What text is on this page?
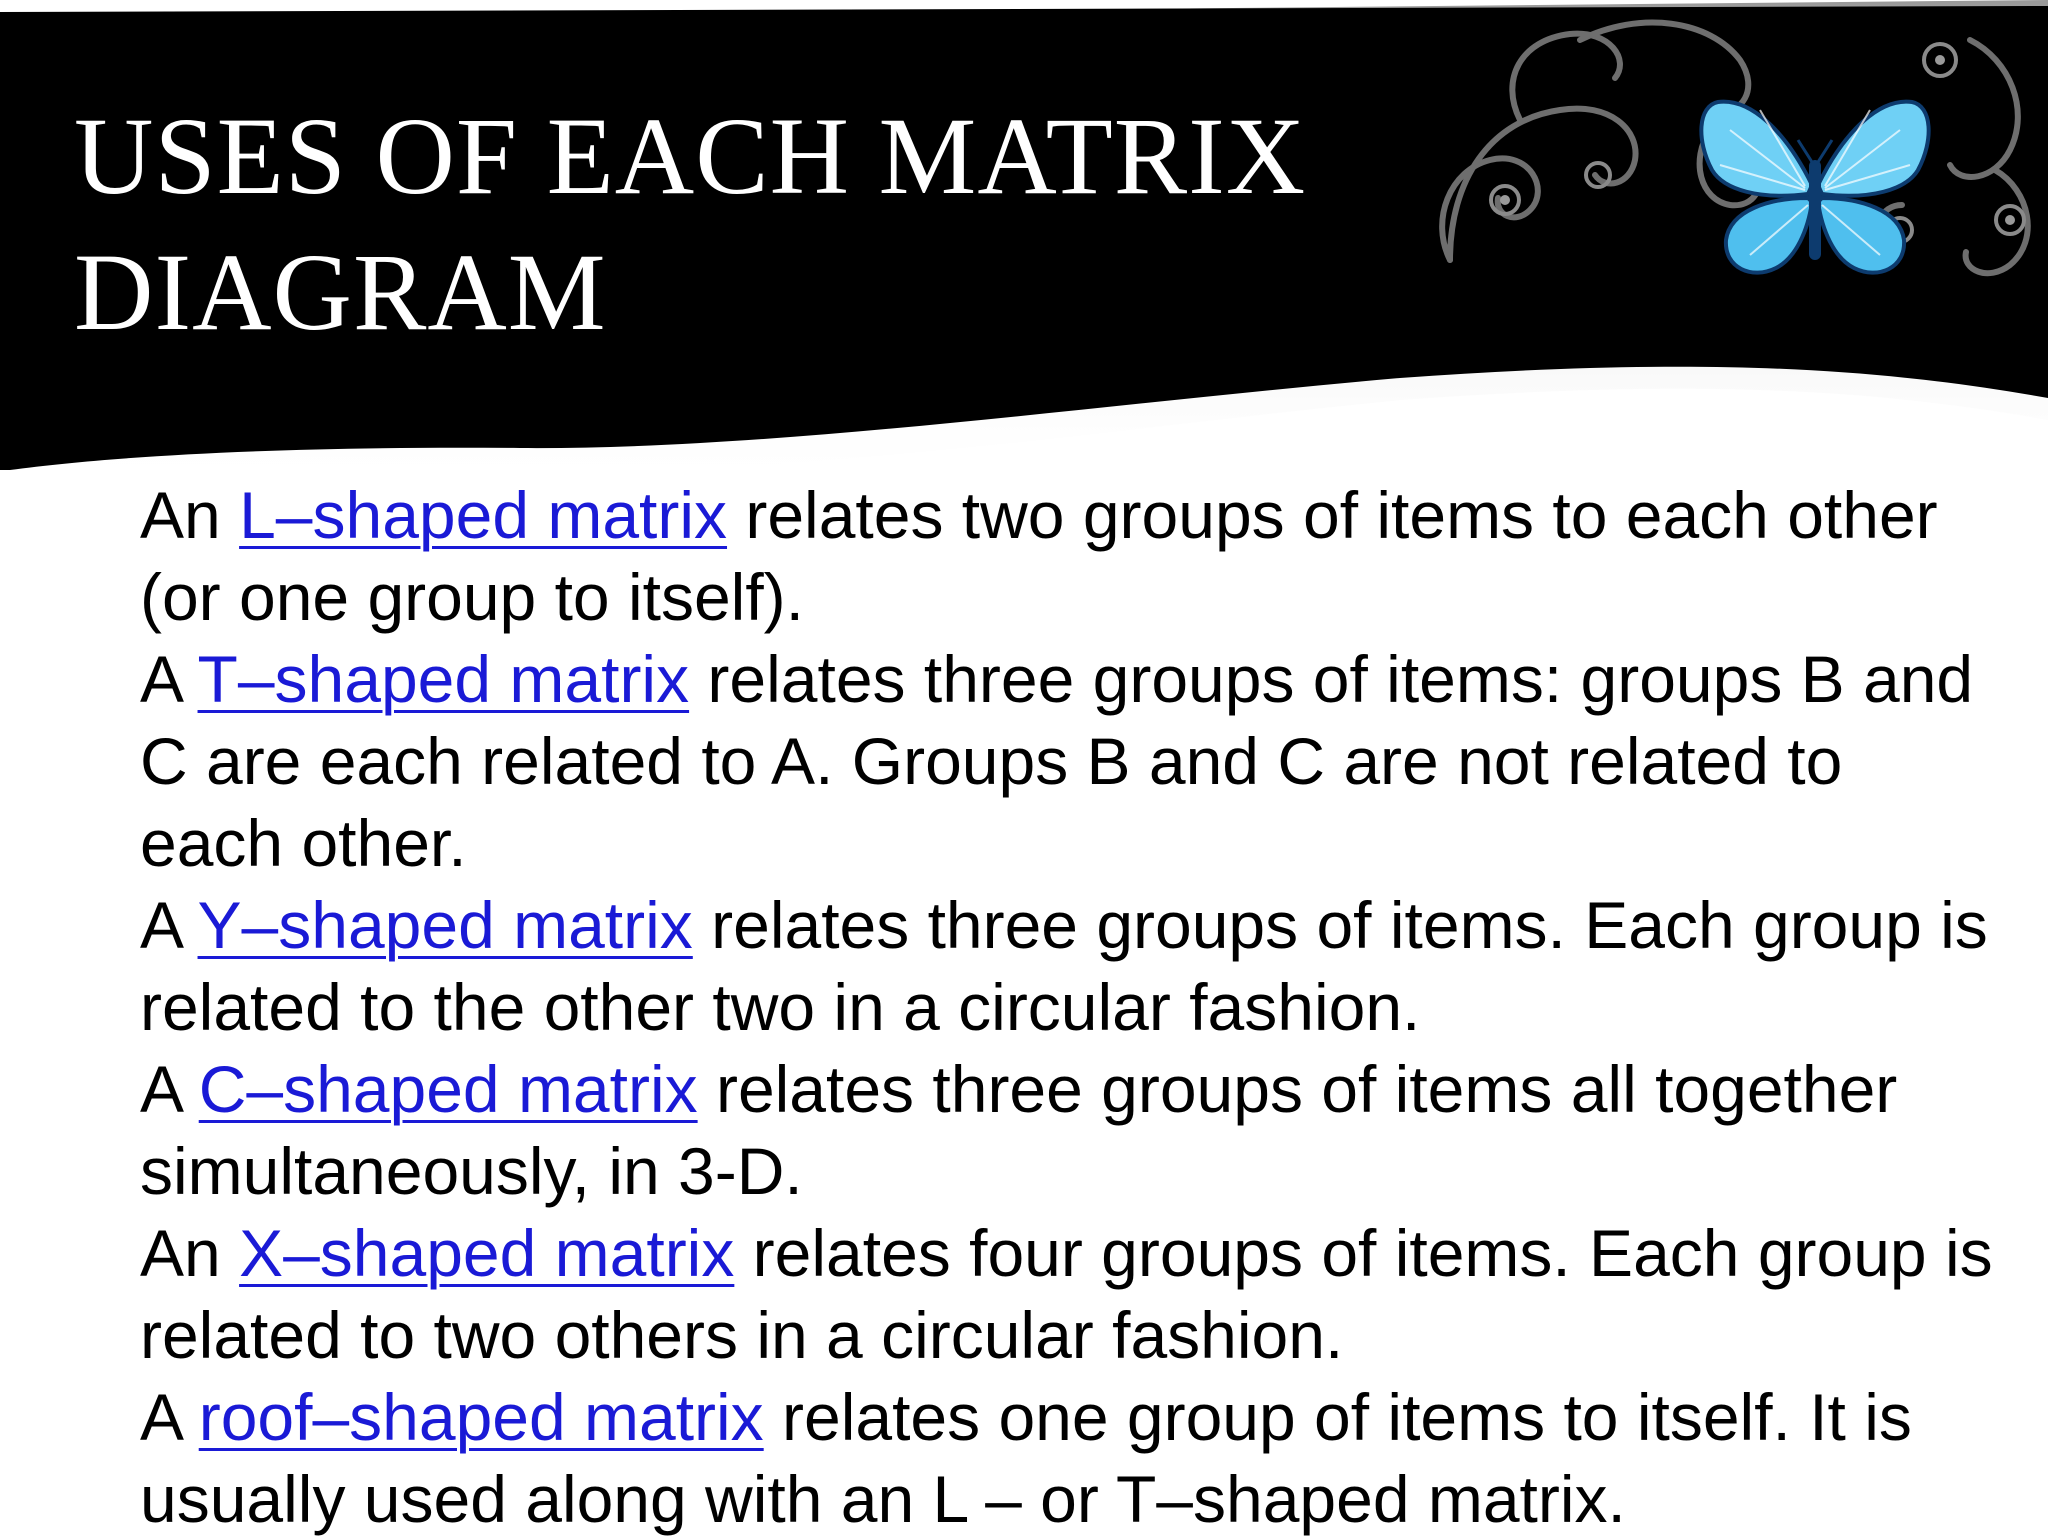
USES OF EACH MATRIX
DIAGRAM

An L–shaped matrix relates two groups of items to each other (or one group to itself).

A T–shaped matrix relates three groups of items: groups B and C are each related to A. Groups B and C are not related to each other.

A Y–shaped matrix relates three groups of items. Each group is related to the other two in a circular fashion.

A C–shaped matrix relates three groups of items all together simultaneously, in 3-D.

An X–shaped matrix relates four groups of items. Each group is related to two others in a circular fashion.

A roof–shaped matrix relates one group of items to itself. It is usually used along with an L – or T–shaped matrix.
